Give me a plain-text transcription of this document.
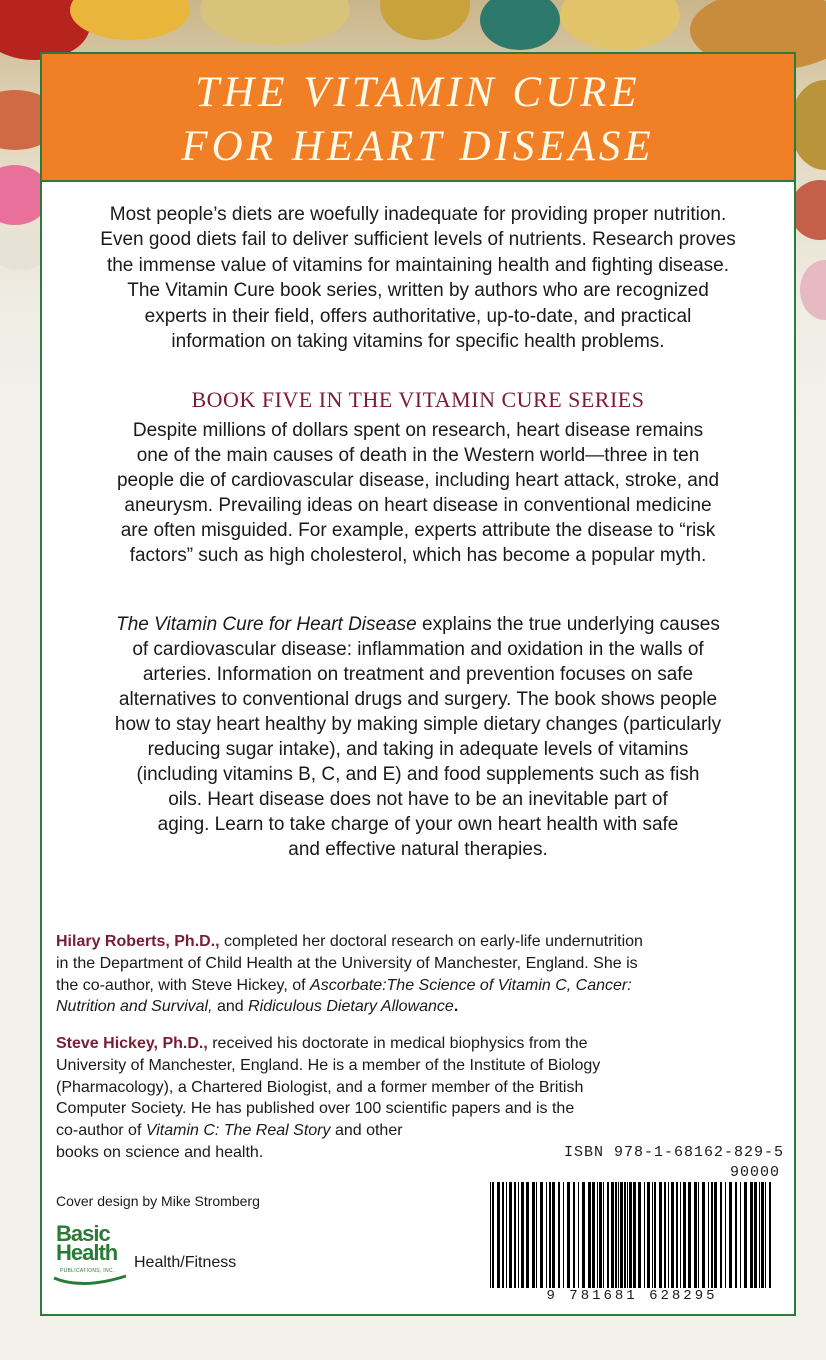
THE VITAMIN CURE
FOR HEART DISEASE
Most people’s diets are woefully inadequate for providing proper nutrition.
Even good diets fail to deliver sufficient levels of nutrients. Research proves
the immense value of vitamins for maintaining health and fighting disease.
The Vitamin Cure book series, written by authors who are recognized
experts in their field, offers authoritative, up-to-date, and practical
information on taking vitamins for specific health problems.
BOOK FIVE IN THE VITAMIN CURE SERIES
Despite millions of dollars spent on research, heart disease remains
one of the main causes of death in the Western world—three in ten
people die of cardiovascular disease, including heart attack, stroke, and
aneurysm. Prevailing ideas on heart disease in conventional medicine
are often misguided. For example, experts attribute the disease to “risk
factors” such as high cholesterol, which has become a popular myth.
The Vitamin Cure for Heart Disease explains the true underlying causes
of cardiovascular disease: inflammation and oxidation in the walls of
arteries. Information on treatment and prevention focuses on safe
alternatives to conventional drugs and surgery. The book shows people
how to stay heart healthy by making simple dietary changes (particularly
reducing sugar intake), and taking in adequate levels of vitamins
(including vitamins B, C, and E) and food supplements such as fish
oils. Heart disease does not have to be an inevitable part of
aging. Learn to take charge of your own heart health with safe
and effective natural therapies.
Hilary Roberts, Ph.D., completed her doctoral research on early-life undernutrition
in the Department of Child Health at the University of Manchester, England. She is
the co-author, with Steve Hickey, of Ascorbate:The Science of Vitamin C, Cancer:
Nutrition and Survival, and Ridiculous Dietary Allowance.
Steve Hickey, Ph.D., received his doctorate in medical biophysics from the
University of Manchester, England. He is a member of the Institute of Biology
(Pharmacology), a Chartered Biologist, and a former member of the British
Computer Society. He has published over 100 scientific papers and is the
co-author of Vitamin C: The Real Story and other
books on science and health.
Cover design by Mike Stromberg
Basic
Health
PUBLICATIONS, INC. Health/Fitness
ISBN 978-1-68162-829-5
90000
9 781681 628295
